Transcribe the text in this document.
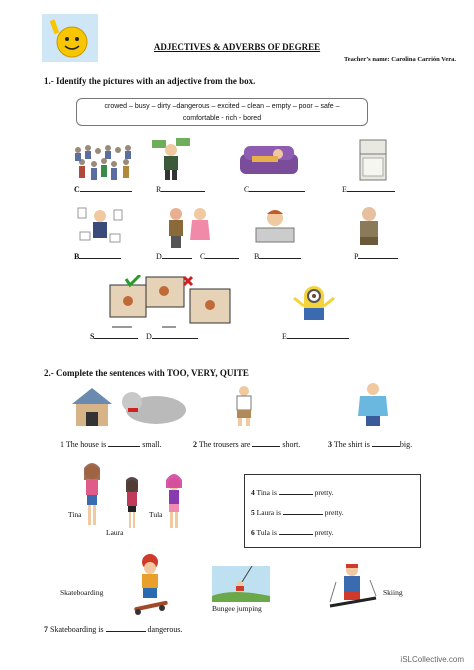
ADJECTIVES & ADVERBS OF DEGREE
Teacher’s name: Carolina Carrión Vera.
1.- Identify the pictures with an adjective from the box.
crowed – busy – dirty –dangerous – excited – clean – empty – poor – safe –
comfortable - rich - bored
C	R	C	E
B	D	C	B	P
S	D	E
2.- Complete the sentences with TOO, VERY, QUITE
1 The house is	small.	2 The trousers are	short.	3 The shirt is	big.
Tina
Laura
Tula
4 Tina is	pretty.
5 Laura is	pretty.
6 Tula is	pretty.
Skateboarding
Bungee jumping
Skiing
7 Skateboarding is	dangerous.
iSLCollective.com
